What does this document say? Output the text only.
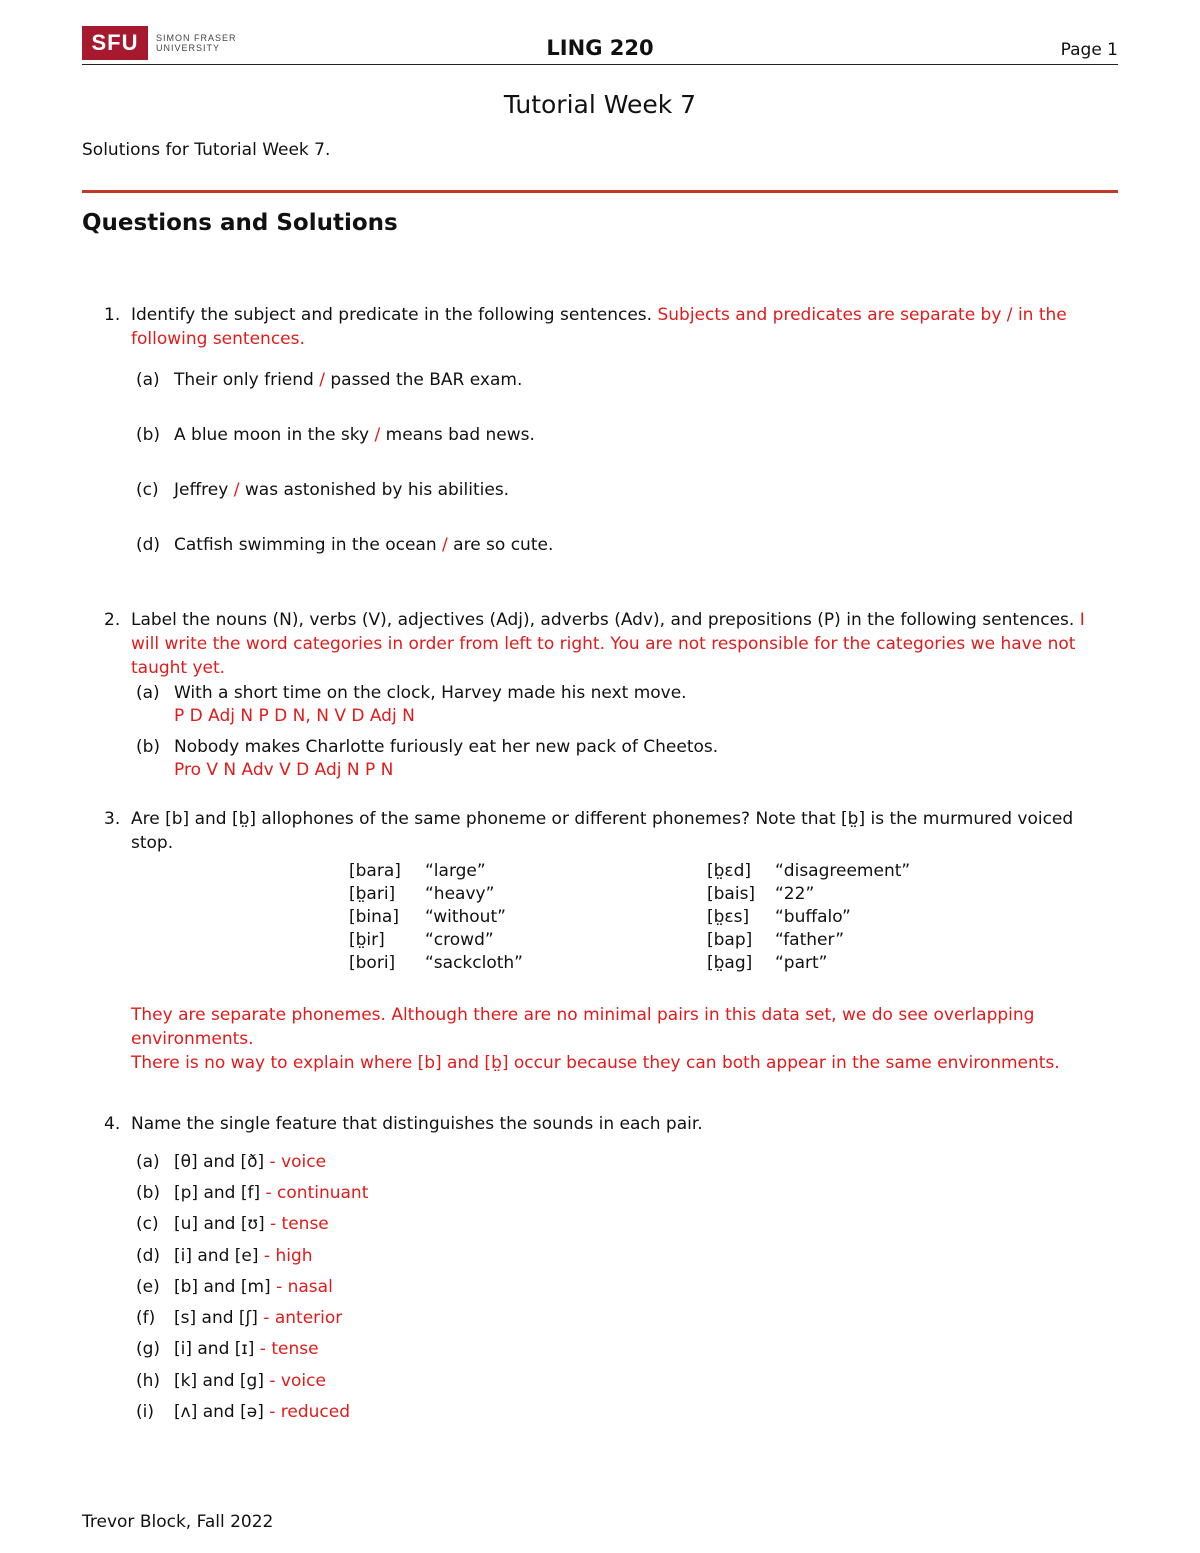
SFU	SIMON FRASER
UNIVERSITY	LING 220	Page 1
Tutorial Week 7
Solutions for Tutorial Week 7.
Questions and Solutions
1. Identify the subject and predicate in the following sentences. Subjects and predicates are separate by / in the following sentences.
(a) Their only friend / passed the BAR exam.
(b) A blue moon in the sky / means bad news.
(c) Jeffrey / was astonished by his abilities.
(d) Catfish swimming in the ocean / are so cute.
2. Label the nouns (N), verbs (V), adjectives (Adj), adverbs (Adv), and prepositions (P) in the following sentences. I will write the word categories in order from left to right. You are not responsible for the categories we have not taught yet.
(a) With a short time on the clock, Harvey made his next move.
P D Adj N P D N, N V D Adj N
(b) Nobody makes Charlotte furiously eat her new pack of Cheetos.
Pro V N Adv V D Adj N P N
3. Are [b] and [b̤] allophones of the same phoneme or different phonemes? Note that [b̤] is the murmured voiced stop.
[bara] “large”
[b̤ari] “heavy”
[bina] “without”
[b̤ir] “crowd”
[bori] “sackcloth”
[b̤ɛd] “disagreement”
[bais] “22”
[b̤ɛs] “buffalo”
[bap] “father”
[b̤ag] “part”
They are separate phonemes. Although there are no minimal pairs in this data set, we do see overlapping environments.
There is no way to explain where [b] and [b̤] occur because they can both appear in the same environments.
4. Name the single feature that distinguishes the sounds in each pair.
(a) [θ] and [ð] - voice
(b) [p] and [f] - continuant
(c) [u] and [ʊ] - tense
(d) [i] and [e] - high
(e) [b] and [m] - nasal
(f) [s] and [ʃ] - anterior
(g) [i] and [ɪ] - tense
(h) [k] and [g] - voice
(i) [ʌ] and [ə] - reduced
Trevor Block, Fall 2022
